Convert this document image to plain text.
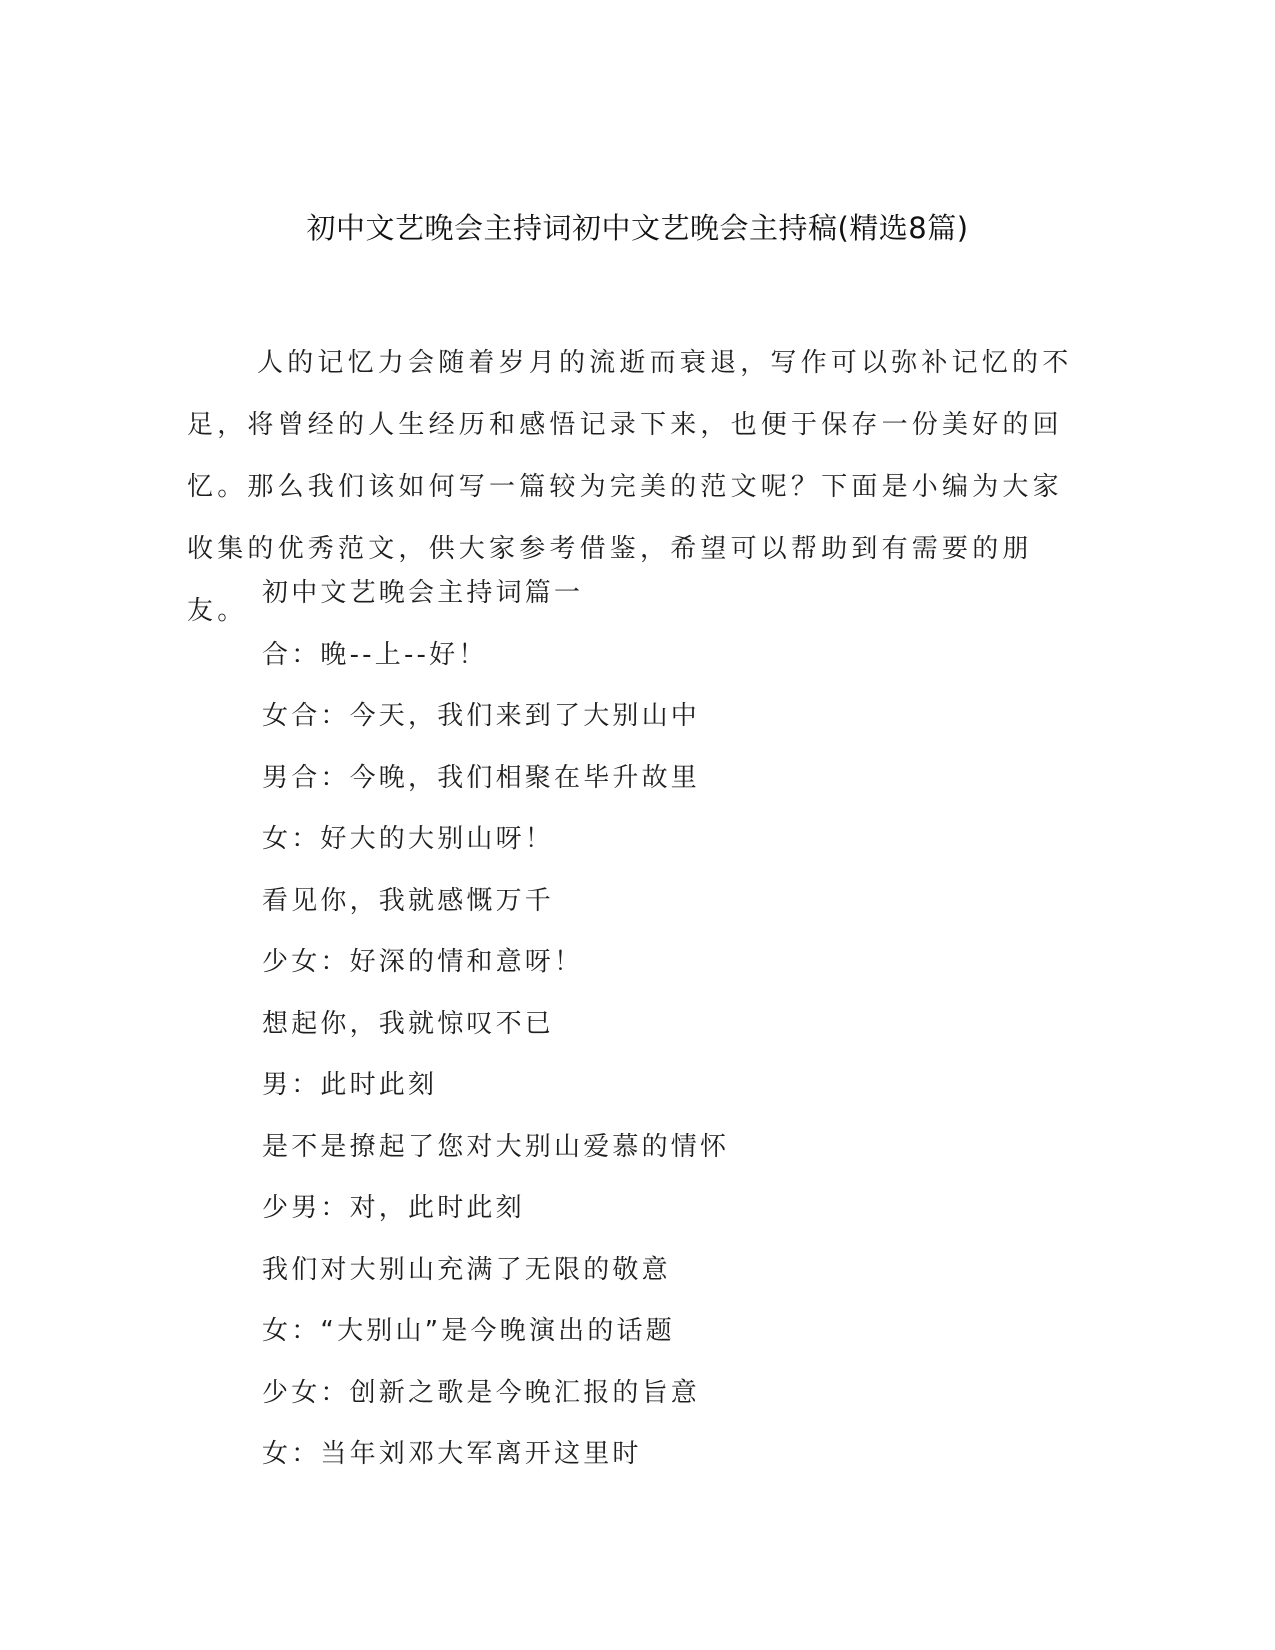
初中文艺晚会主持词初中文艺晚会主持稿(精选8篇)

人的记忆力会随着岁月的流逝而衰退，写作可以弥补记忆的不足，将曾经的人生经历和感悟记录下来，也便于保存一份美好的回忆。那么我们该如何写一篇较为完美的范文呢？下面是小编为大家收集的优秀范文，供大家参考借鉴，希望可以帮助到有需要的朋友。

初中文艺晚会主持词篇一
合：晚--上--好！
女合：今天，我们来到了大别山中
男合：今晚，我们相聚在毕升故里
女：好大的大别山呀！
看见你，我就感慨万千
少女：好深的情和意呀！
想起你，我就惊叹不已
男：此时此刻
是不是撩起了您对大别山爱慕的情怀
少男：对，此时此刻
我们对大别山充满了无限的敬意
女：“大别山”是今晚演出的话题
少女：创新之歌是今晚汇报的旨意
女：当年刘邓大军离开这里时
